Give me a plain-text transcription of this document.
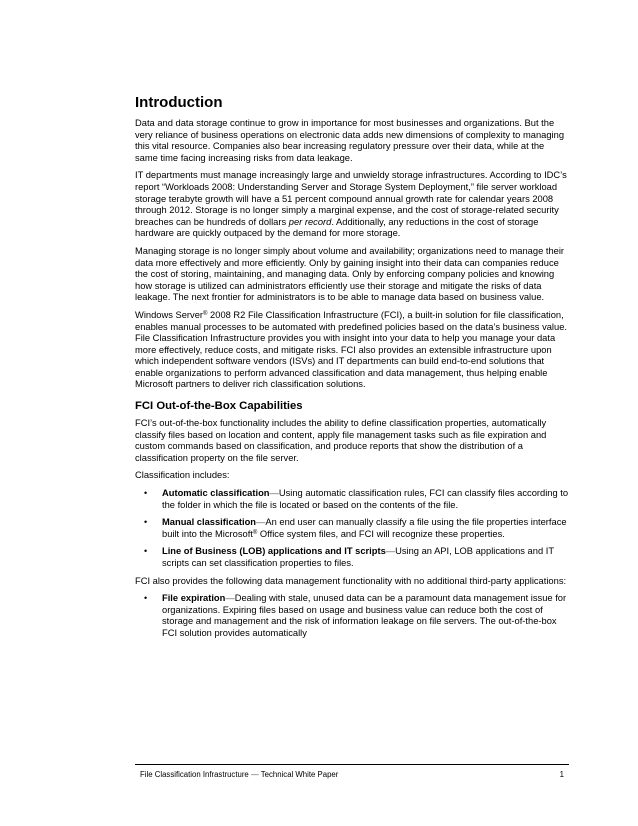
Introduction

Data and data storage continue to grow in importance for most businesses and organizations. But the very reliance of business operations on electronic data adds new dimensions of complexity to managing this vital resource. Companies also bear increasing regulatory pressure over their data, while at the same time facing increasing risks from data leakage.

IT departments must manage increasingly large and unwieldy storage infrastructures. According to IDC’s report “Workloads 2008: Understanding Server and Storage System Deployment,” file server workload storage terabyte growth will have a 51 percent compound annual growth rate for calendar years 2008 through 2012. Storage is no longer simply a marginal expense, and the cost of storage-related security breaches can be hundreds of dollars per record. Additionally, any reductions in the cost of storage hardware are quickly outpaced by the demand for more storage.

Managing storage is no longer simply about volume and availability; organizations need to manage their data more effectively and more efficiently. Only by gaining insight into their data can companies reduce the cost of storing, maintaining, and managing data. Only by enforcing company policies and knowing how storage is utilized can administrators efficiently use their storage and mitigate the risks of data leakage. The next frontier for administrators is to be able to manage data based on business value.

Windows Server® 2008 R2 File Classification Infrastructure (FCI), a built-in solution for file classification, enables manual processes to be automated with predefined policies based on the data’s business value. File Classification Infrastructure provides you with insight into your data to help you manage your data more effectively, reduce costs, and mitigate risks. FCI also provides an extensible infrastructure upon which independent software vendors (ISVs) and IT departments can build end-to-end solutions that enable organizations to perform advanced classification and data management, thus helping enable Microsoft partners to deliver rich classification solutions.

FCI Out-of-the-Box Capabilities

FCI’s out-of-the-box functionality includes the ability to define classification properties, automatically classify files based on location and content, apply file management tasks such as file expiration and custom commands based on classification, and produce reports that show the distribution of a classification property on the file server.

Classification includes:

• Automatic classification—Using automatic classification rules, FCI can classify files according to the folder in which the file is located or based on the contents of the file.
• Manual classification—An end user can manually classify a file using the file properties interface built into the Microsoft® Office system files, and FCI will recognize these properties.
• Line of Business (LOB) applications and IT scripts—Using an API, LOB applications and IT scripts can set classification properties to files.

FCI also provides the following data management functionality with no additional third-party applications:

• File expiration—Dealing with stale, unused data can be a paramount data management issue for organizations. Expiring files based on usage and business value can reduce both the cost of storage and management and the risk of information leakage on file servers. The out-of-the-box FCI solution provides automatically
File Classification Infrastructure — Technical White Paper	1
